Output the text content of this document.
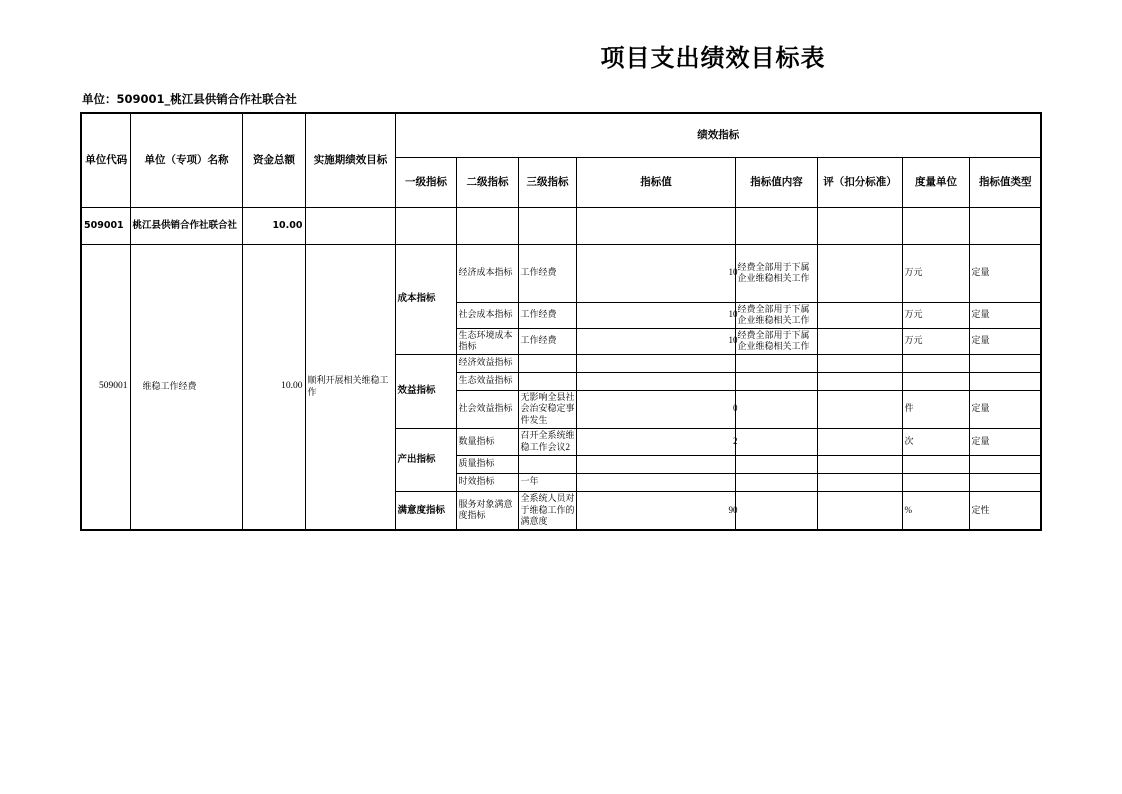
项目支出绩效目标表
单位：509001_桃江县供销合作社联合社
单位代码	单位（专项）名称	资金总额	实施期绩效目标	绩效指标							
				一级指标	二级指标	三级指标	指标值	指标值内容	评（扣分标准）	度量单位	指标值类型
509001	桃江县供销合作社联合社	10.00									
509001	维稳工作经费	10.00	顺利开展相关维稳工作	成本指标	经济成本指标	工作经费	10	经费全部用于下属企业维稳相关工作		万元	定量
					社会成本指标	工作经费	10	经费全部用于下属企业维稳相关工作		万元	定量
					生态环境成本指标	工作经费	10	经费全部用于下属企业维稳相关工作		万元	定量
				效益指标	经济效益指标						
					生态效益指标						
					社会效益指标	无影响全县社会治安稳定事件发生	0			件	定量
				产出指标	数量指标	召开全系统维稳工作会议2	2			次	定量
					质量指标						
					时效指标	一年					
				满意度指标	服务对象满意度指标	全系统人员对于维稳工作的满意度	90			%	定性
